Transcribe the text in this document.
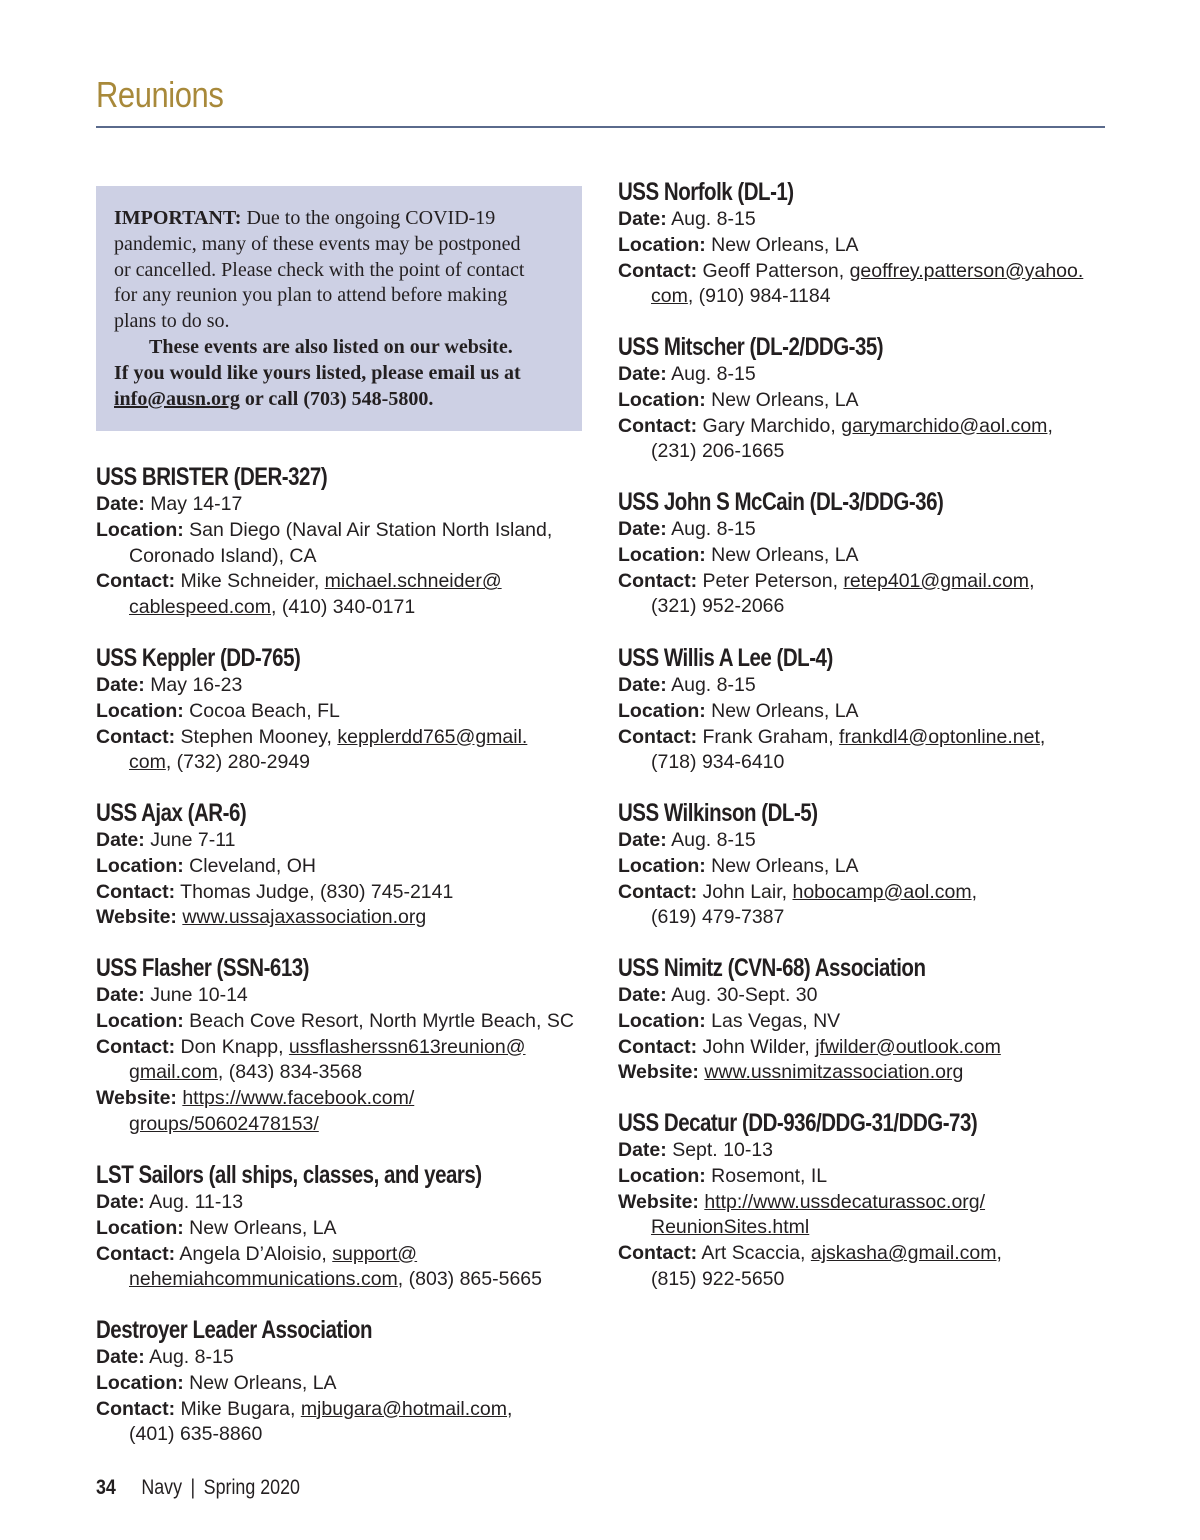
Reunions
IMPORTANT: Due to the ongoing COVID-19
pandemic, many of these events may be postponed
or cancelled. Please check with the point of contact
for any reunion you plan to attend before making
plans to do so.
These events are also listed on our website.
If you would like yours listed, please email us at
info@ausn.org or call (703) 548-5800.
USS BRISTER (DER-327)
Date: May 14-17
Location: San Diego (Naval Air Station North Island,
Coronado Island), CA
Contact: Mike Schneider, michael.schneider@
cablespeed.com, (410) 340-0171
USS Keppler (DD-765)
Date: May 16-23
Location: Cocoa Beach, FL
Contact: Stephen Mooney, kepplerdd765@gmail.
com, (732) 280-2949
USS Ajax (AR-6)
Date: June 7-11
Location: Cleveland, OH
Contact: Thomas Judge, (830) 745-2141
Website: www.ussajaxassociation.org
USS Flasher (SSN-613)
Date: June 10-14
Location: Beach Cove Resort, North Myrtle Beach, SC
Contact: Don Knapp, ussflasherssn613reunion@
gmail.com, (843) 834-3568
Website: https://www.facebook.com/
groups/50602478153/
LST Sailors (all ships, classes, and years)
Date: Aug. 11-13
Location: New Orleans, LA
Contact: Angela D’Aloisio, support@
nehemiahcommunications.com, (803) 865-5665
Destroyer Leader Association
Date: Aug. 8-15
Location: New Orleans, LA
Contact: Mike Bugara, mjbugara@hotmail.com,
(401) 635-8860
USS Norfolk (DL-1)
Date: Aug. 8-15
Location: New Orleans, LA
Contact: Geoff Patterson, geoffrey.patterson@yahoo.
com, (910) 984-1184
USS Mitscher (DL-2/DDG-35)
Date: Aug. 8-15
Location: New Orleans, LA
Contact: Gary Marchido, garymarchido@aol.com,
(231) 206-1665
USS John S McCain (DL-3/DDG-36)
Date: Aug. 8-15
Location: New Orleans, LA
Contact: Peter Peterson, retep401@gmail.com,
(321) 952-2066
USS Willis A Lee (DL-4)
Date: Aug. 8-15
Location: New Orleans, LA
Contact: Frank Graham, frankdl4@optonline.net,
(718) 934-6410
USS Wilkinson (DL-5)
Date: Aug. 8-15
Location: New Orleans, LA
Contact: John Lair, hobocamp@aol.com,
(619) 479-7387
USS Nimitz (CVN-68) Association
Date: Aug. 30-Sept. 30
Location: Las Vegas, NV
Contact: John Wilder, jfwilder@outlook.com
Website: www.ussnimitzassociation.org
USS Decatur (DD-936/DDG-31/DDG-73)
Date: Sept. 10-13
Location: Rosemont, IL
Website: http://www.ussdecaturassoc.org/
ReunionSites.html
Contact: Art Scaccia, ajskasha@gmail.com,
(815) 922-5650
34 Navy | Spring 2020
